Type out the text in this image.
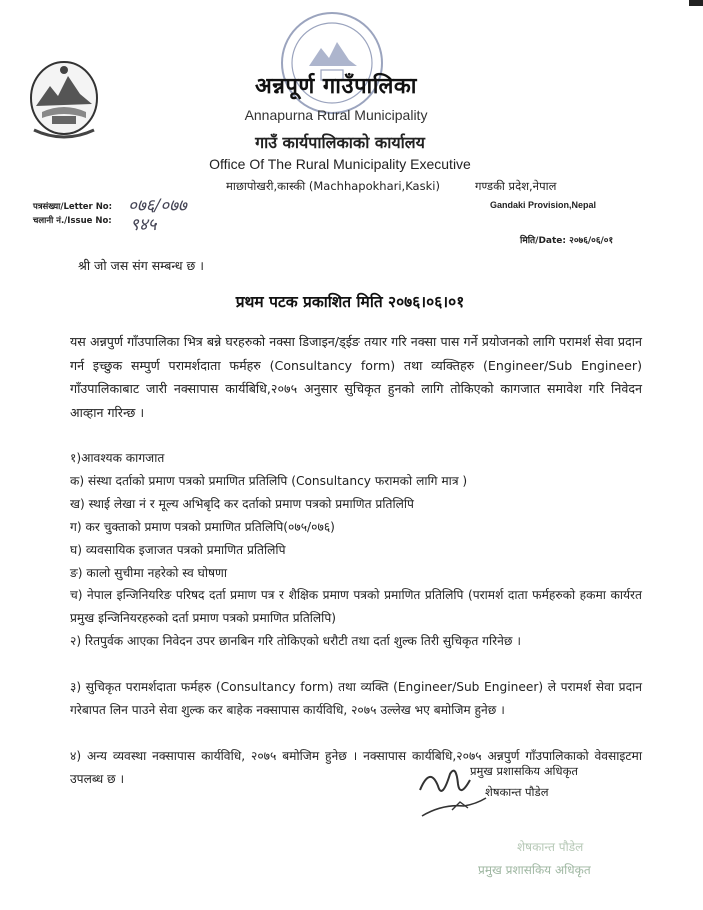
अन्नपूर्ण गाउँपालिका
Annapurna Rural Municipality
गाउँ कार्यपालिकाको कार्यालय
Office Of The Rural Municipality Executive
माछापोखरी,कास्की (Machhapokhari,Kaski)	गण्डकी प्रदेश,नेपाल
Gandaki Provision,Nepal
पत्रसंख्या/Letter No: ०७६/०७७
चलानी नं./Issue No: ९४५
मिति/Date: २०७६/०६/०१
श्री जो जस संग सम्बन्ध छ ।
प्रथम पटक प्रकाशित मिति २०७६।०६।०१
यस अन्नपुर्ण गाँउपालिका भित्र बन्ने घरहरुको नक्सा डिजाइन/ड्ईङ तयार गरि नक्सा पास गर्ने प्रयोजनको लागि परामर्श सेवा प्रदान गर्न इच्छुक सम्पुर्ण परामर्शदाता फर्महरु (Consultancy form) तथा व्यक्तिहरु (Engineer/Sub Engineer) गाँउपालिकाबाट जारी नक्सापास कार्यबिधि,२०७५ अनुसार सुचिकृत हुनको लागि तोकिएको कागजात समावेश गरि निवेदन आव्हान गरिन्छ ।
१)आवश्यक कागजात
क) संस्था दर्ताको प्रमाण पत्रको प्रमाणित प्रतिलिपि (Consultancy फरामको लागि मात्र )
ख) स्थाई लेखा नं र मूल्य अभिबृदि कर दर्ताको प्रमाण पत्रको प्रमाणित प्रतिलिपि
ग) कर चुक्ताको प्रमाण पत्रको प्रमाणित प्रतिलिपि(०७५/०७६)
घ) व्यवसायिक इजाजत पत्रको प्रमाणित प्रतिलिपि
ङ) कालो सुचीमा नहरेको स्व घोषणा
च) नेपाल इन्जिनियरिङ परिषद दर्ता प्रमाण पत्र र शैक्षिक प्रमाण पत्रको प्रमाणित प्रतिलिपि (परामर्श दाता फर्महरुको हकमा कार्यरत प्रमुख इन्जिनियरहरुको दर्ता प्रमाण पत्रको प्रमाणित प्रतिलिपि)
२) रितपुर्वक आएका निवेदन उपर छानबिन गरि तोकिएको धरौटी तथा दर्ता शुल्क तिरी सुचिकृत गरिनेछ ।
३) सुचिकृत परामर्शदाता फर्महरु (Consultancy form) तथा व्यक्ति (Engineer/Sub Engineer) ले परामर्श सेवा प्रदान गरेबापत लिन पाउने सेवा शुल्क कर बाहेक नक्सापास कार्यविधि, २०७५ उल्लेख भए बमोजिम हुनेछ ।
४) अन्य व्यवस्था नक्सापास कार्यविधि, २०७५ बमोजिम हुनेछ । नक्सापास कार्यबिधि,२०७५ अन्नपुर्ण गाँउपालिकाको वेवसाइटमा उपलब्ध छ ।
प्रमुख प्रशासकिय अधिकृत
शेषकान्त पौडेल
शेषकान्त पौडेल
प्रमुख प्रशासकिय अधिकृत
